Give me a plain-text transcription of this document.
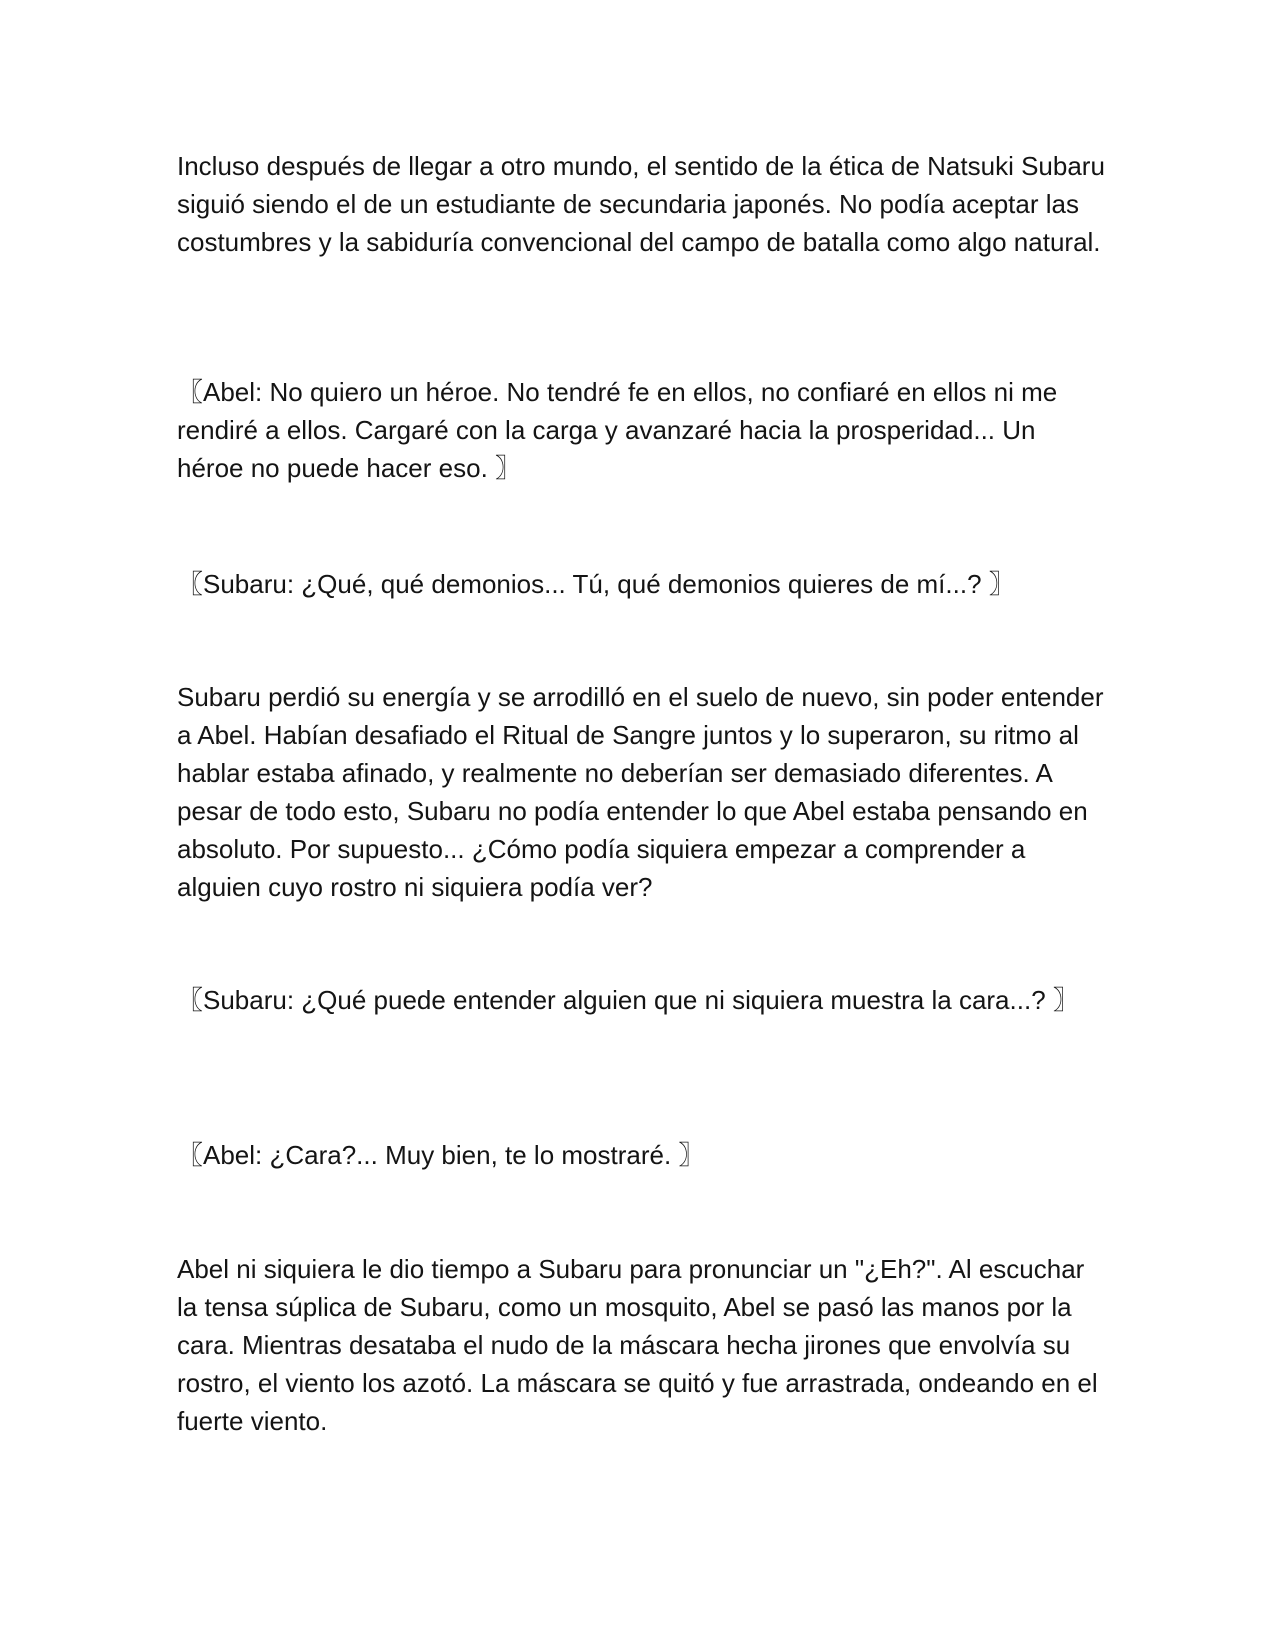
Incluso después de llegar a otro mundo, el sentido de la ética de Natsuki Subaru siguió siendo el de un estudiante de secundaria japonés. No podía aceptar las costumbres y la sabiduría convencional del campo de batalla como algo natural.

〖Abel: No quiero un héroe. No tendré fe en ellos, no confiaré en ellos ni me rendiré a ellos. Cargaré con la carga y avanzaré hacia la prosperidad... Un héroe no puede hacer eso. 〗

〖Subaru: ¿Qué, qué demonios... Tú, qué demonios quieres de mí...? 〗

Subaru perdió su energía y se arrodilló en el suelo de nuevo, sin poder entender a Abel. Habían desafiado el Ritual de Sangre juntos y lo superaron, su ritmo al hablar estaba afinado, y realmente no deberían ser demasiado diferentes. A pesar de todo esto, Subaru no podía entender lo que Abel estaba pensando en absoluto. Por supuesto... ¿Cómo podía siquiera empezar a comprender a alguien cuyo rostro ni siquiera podía ver?

〖Subaru: ¿Qué puede entender alguien que ni siquiera muestra la cara...? 〗

〖Abel: ¿Cara?... Muy bien, te lo mostraré. 〗

Abel ni siquiera le dio tiempo a Subaru para pronunciar un "¿Eh?". Al escuchar la tensa súplica de Subaru, como un mosquito, Abel se pasó las manos por la cara. Mientras desataba el nudo de la máscara hecha jirones que envolvía su rostro, el viento los azotó. La máscara se quitó y fue arrastrada, ondeando en el fuerte viento.
